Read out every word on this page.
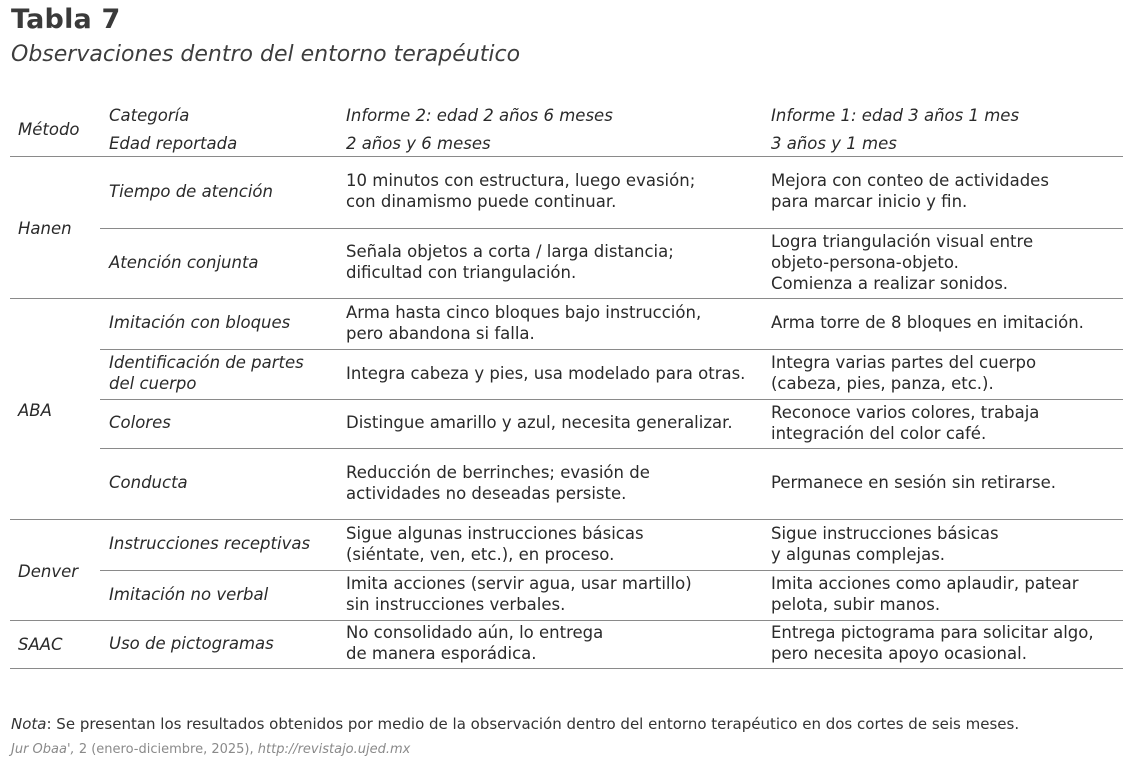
Tabla 7
Observaciones dentro del entorno terapéutico
Método
Categoría
Edad reportada
Informe 2: edad 2 años 6 meses
2 años y 6 meses
Informe 1: edad 3 años 1 mes
3 años y 1 mes
Hanen
ABA
Denver
SAAC
Tiempo de atención
10 minutos con estructura, luego evasión;
con dinamismo puede continuar.
Mejora con conteo de actividades
para marcar inicio y fin.
Atención conjunta
Señala objetos a corta / larga distancia;
dificultad con triangulación.
Logra triangulación visual entre
objeto-persona-objeto.
Comienza a realizar sonidos.
Imitación con bloques
Arma hasta cinco bloques bajo instrucción,
pero abandona si falla.
Arma torre de 8 bloques en imitación.
Identificación de partes
del cuerpo
Integra cabeza y pies, usa modelado para otras.
Integra varias partes del cuerpo
(cabeza, pies, panza, etc.).
Colores	Distingue amarillo y azul, necesita generalizar.
Reconoce varios colores, trabaja
integración del color café.
Conducta
Reducción de berrinches; evasión de
actividades no deseadas persiste.
Permanece en sesión sin retirarse.
Instrucciones receptivas
Sigue algunas instrucciones básicas
(siéntate, ven, etc.), en proceso.
Sigue instrucciones básicas
y algunas complejas.
Imitación no verbal
Imita acciones (servir agua, usar martillo)
sin instrucciones verbales.
Imita acciones como aplaudir, patear
pelota, subir manos.
Uso de pictogramas
No consolidado aún, lo entrega
de manera esporádica.
Entrega pictograma para solicitar algo,
pero necesita apoyo ocasional.
Nota: Se presentan los resultados obtenidos por medio de la observación dentro del entorno terapéutico en dos cortes de seis meses.
Jur Obaa', 2 (enero-diciembre, 2025), http://revistajo.ujed.mx
